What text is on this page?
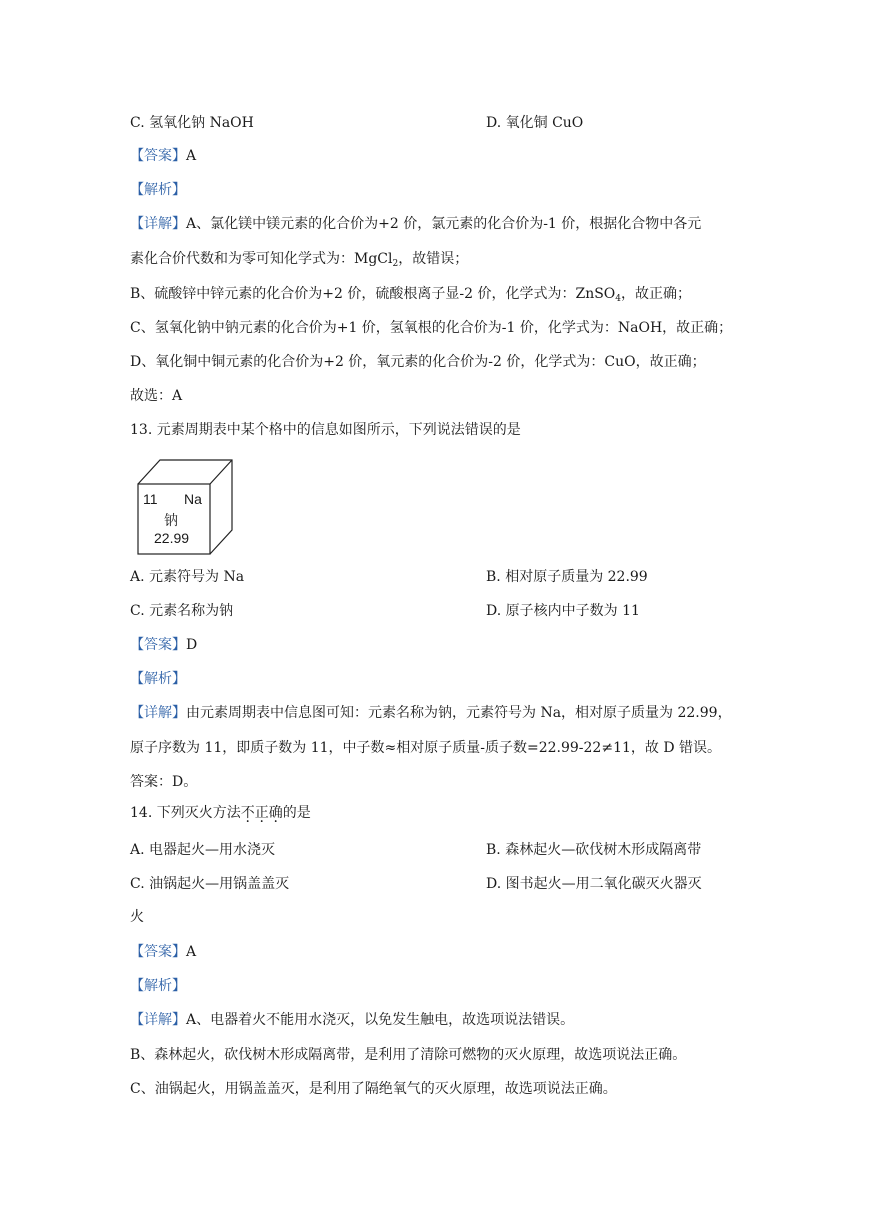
C. 氢氧化钠 NaOH	D. 氧化铜 CuO
【答案】A
【解析】
【详解】A、氯化镁中镁元素的化合价为+2 价，氯元素的化合价为-1 价，根据化合物中各元
素化合价代数和为零可知化学式为：MgCl$_2$，故错误；
B、硫酸锌中锌元素的化合价为+2 价，硫酸根离子显-2 价，化学式为：ZnSO$_4$，故正确；
C、氢氧化钠中钠元素的化合价为+1 价，氢氧根的化合价为-1 价，化学式为：NaOH，故正确；
D、氧化铜中铜元素的化合价为+2 价，氧元素的化合价为-2 价，化学式为：CuO，故正确；
故选：A
13. 元素周期表中某个格中的信息如图所示，下列说法错误的是
11 Na
钠
22.99
A. 元素符号为 Na	B. 相对原子质量为 22.99
C. 元素名称为钠	D. 原子核内中子数为 11
【答案】D
【解析】
【详解】由元素周期表中信息图可知：元素名称为钠，元素符号为 Na，相对原子质量为 22.99，
原子序数为 11，即质子数为 11，中子数≈相对原子质量-质子数=22.99-22≠11，故 D 错误。
答案：D。
14. 下列灭火方法不正确的是
A. 电器起火—用水浇灭	B. 森林起火—砍伐树木形成隔离带
C. 油锅起火—用锅盖盖灭	D. 图书起火—用二氧化碳灭火器灭
火
【答案】A
【解析】
【详解】A、电器着火不能用水浇灭，以免发生触电，故选项说法错误。
B、森林起火，砍伐树木形成隔离带，是利用了清除可燃物的灭火原理，故选项说法正确。
C、油锅起火，用锅盖盖灭，是利用了隔绝氧气的灭火原理，故选项说法正确。
